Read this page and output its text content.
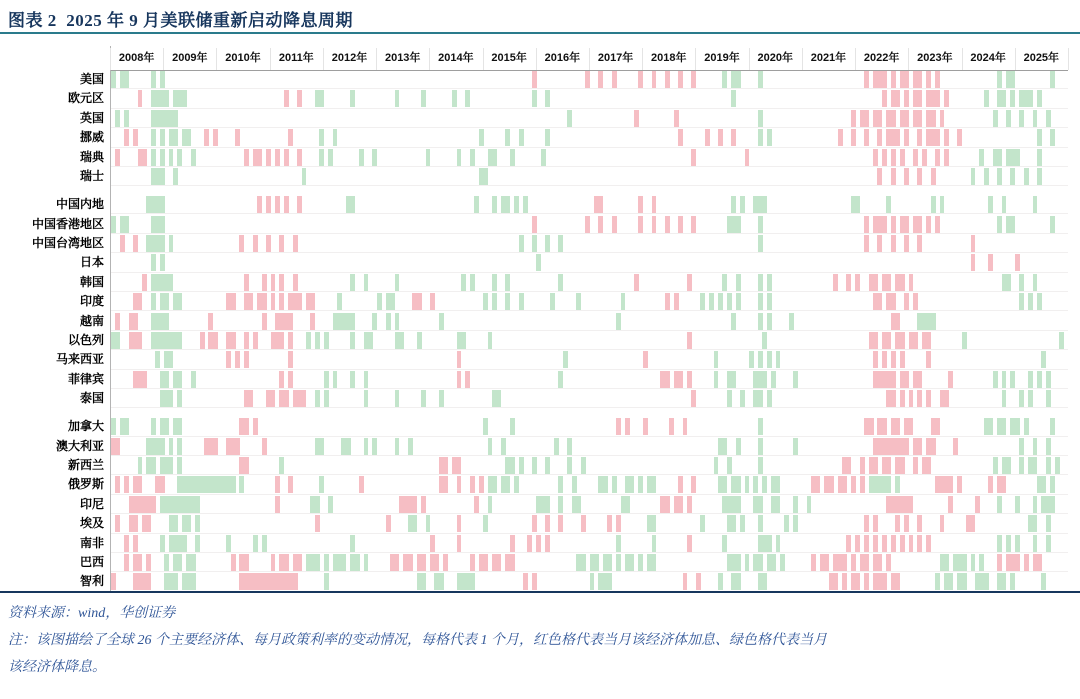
图表 2  2025 年 9 月美联储重新启动降息周期
2008年	2009年	2010年	2011年	2012年	2013年	2014年	2015年	2016年	2017年	2018年	2019年	2020年	2021年	2022年	2023年	2024年	2025年
美国
欧元区
英国
挪威
瑞典
瑞士
中国内地
中国香港地区
中国台湾地区
日本
韩国
印度
越南
以色列
马来西亚
菲律宾
泰国
加拿大
澳大利亚
新西兰
俄罗斯
印尼
埃及
南非
巴西
智利
资料来源：wind，华创证券
注：该图描绘了全球 26 个主要经济体、每月政策利率的变动情况，每格代表 1 个月，红色格代表当月该经济体加息、绿色格代表当月
该经济体降息。
